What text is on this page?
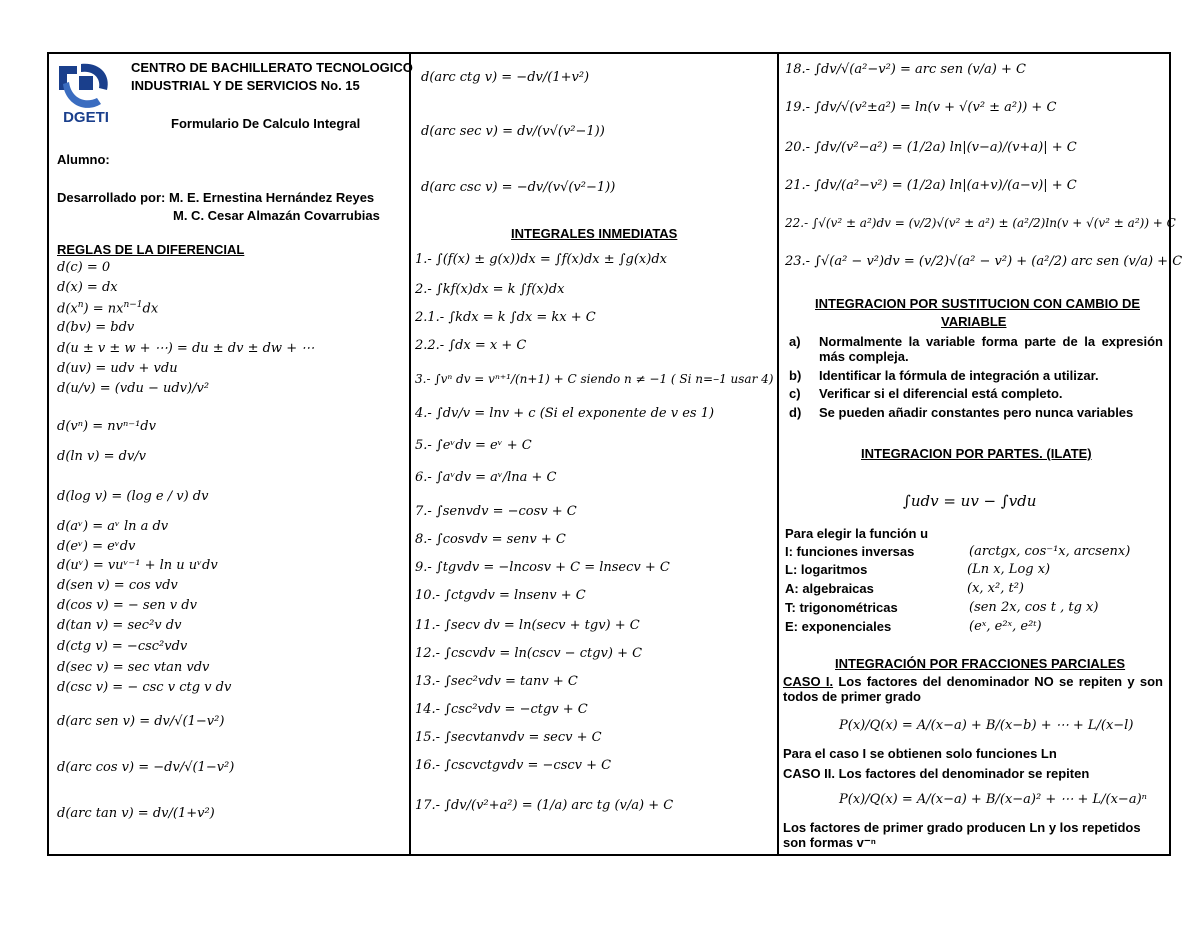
DGETI
CENTRO DE BACHILLERATO TECNOLOGICO
INDUSTRIAL Y DE SERVICIOS No. 15
Formulario De Calculo Integral
Alumno:
Desarrollado por: M. E. Ernestina Hernández Reyes
M. C. Cesar Almazán Covarrubias
REGLAS DE LA DIFERENCIAL
d(c) = 0
d(x) = dx
$d(x^n) = nx^{n-1}dx$
d(bv) = bdv
d(u ± v ± w + ⋯) = du ± dv ± dw + ⋯
d(uv) = udv + vdu
d(u/v) = (vdu − udv)/v²
d(vⁿ) = nvⁿ⁻¹dv
d(ln v) = dv/v
d(log v) = (log e / v) dv
d(aᵛ) = aᵛ ln a dv
d(eᵛ) = eᵛdv
d(uᵛ) = vuᵛ⁻¹ + ln u uᵛdv
d(sen v) = cos vdv
d(cos v) = − sen v dv
d(tan v) = sec²v dv
d(ctg v) = −csc²vdv
d(sec v) = sec vtan vdv
d(csc v) = − csc v ctg v dv
d(arc sen v) = dv/√(1−v²)
d(arc cos v) = −dv/√(1−v²)
d(arc tan v) = dv/(1+v²)
d(arc ctg v) = −dv/(1+v²)
d(arc sec v) = dv/(v√(v²−1))
d(arc csc v) = −dv/(v√(v²−1))
INTEGRALES INMEDIATAS
1.- ∫(f(x) ± g(x))dx = ∫f(x)dx ± ∫g(x)dx
2.- ∫kf(x)dx = k ∫f(x)dx
2.1.- ∫kdx = k ∫dx = kx + C
2.2.- ∫dx = x + C
3.- ∫vⁿ dv = vⁿ⁺¹/(n+1) + C siendo n ≠ −1 ( Si n=–1 usar 4)
4.- ∫dv/v = lnv + c (Si el exponente de v es 1)
5.- ∫eᵛdv = eᵛ + C
6.- ∫aᵛdv = aᵛ/lna + C
7.- ∫senvdv = −cosv + C
8.- ∫cosvdv = senv + C
9.- ∫tgvdv = −lncosv + C = lnsecv + C
10.- ∫ctgvdv = lnsenv + C
11.- ∫secv dv = ln(secv + tgv) + C
12.- ∫cscvdv = ln(cscv − ctgv) + C
13.- ∫sec²vdv = tanv + C
14.- ∫csc²vdv = −ctgv + C
15.- ∫secvtanvdv = secv + C
16.- ∫cscvctgvdv = −cscv + C
17.- ∫dv/(v²+a²) = (1/a) arc tg (v/a) + C
18.- ∫dv/√(a²−v²) = arc sen (v/a) + C
19.- ∫dv/√(v²±a²) = ln(v + √(v² ± a²)) + C
20.- ∫dv/(v²−a²) = (1/2a) ln|(v−a)/(v+a)| + C
21.- ∫dv/(a²−v²) = (1/2a) ln|(a+v)/(a−v)| + C
22.- ∫√(v² ± a²)dv = (v/2)√(v² ± a²) ± (a²/2)ln(v + √(v² ± a²)) + C
23.- ∫√(a² − v²)dv = (v/2)√(a² − v²) + (a²/2) arc sen (v/a) + C
INTEGRACION POR SUSTITUCION CON CAMBIO DE
VARIABLE
a) Normalmente la variable forma parte de la expresión más compleja.
b) Identificar la fórmula de integración a utilizar.
c) Verificar si el diferencial está completo.
d) Se pueden añadir constantes pero nunca variables
INTEGRACION POR PARTES. (ILATE)
∫udv = uv − ∫vdu
Para elegir la función u
I: funciones inversas	(arctgx, cos⁻¹x, arcsenx)
L: logaritmos	(Ln x, Log x)
A: algebraicas	(x, x², t²)
T: trigonométricas	(sen 2x, cos t , tg x)
E: exponenciales	(eˣ, e²ˣ, e²ᵗ)
INTEGRACIÓN POR FRACCIONES PARCIALES
CASO I. Los factores del denominador NO se repiten y son todos de primer grado
P(x)/Q(x) = A/(x−a) + B/(x−b) + ⋯ + L/(x−l)
Para el caso I se obtienen solo funciones Ln
CASO II. Los factores del denominador se repiten
P(x)/Q(x) = A/(x−a) + B/(x−a)² + ⋯ + L/(x−a)ⁿ
Los factores de primer grado producen Ln y los repetidos son formas v⁻ⁿ
